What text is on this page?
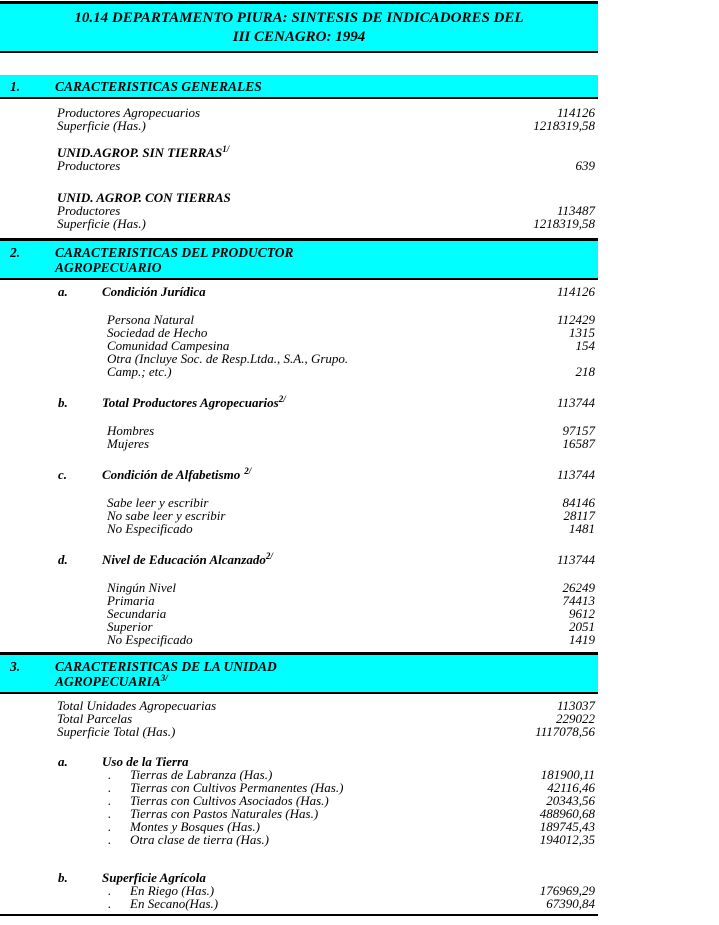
10.14 DEPARTAMENTO PIURA: SINTESIS DE INDICADORES DEL
III CENAGRO: 1994
1.	CARACTERISTICAS GENERALES
Productores Agropecuarios	114126
Superficie (Has.)	1218319,58
UNID.AGROP. SIN $TIERRAS^{1/}$
Productores	639
UNID. AGROP. CON TIERRAS
Productores	113487
Superficie (Has.)	1218319,58
2.	CARACTERISTICAS DEL PRODUCTOR
AGROPECUARIO
a.	Condición Jurídica	114126
Persona Natural	112429
Sociedad de Hecho	1315
Comunidad Campesina	154
Otra (Incluye Soc. de Resp.Ltda., S.A., Grupo.
Camp.; etc.)	218
b.	Total Productores Agropecuarios$^{2/}$	113744
Hombres	97157
Mujeres	16587
c.	Condición de Alfabetismo $^{2/}$	113744
Sabe leer y escribir	84146
No sabe leer y escribir	28117
No Especificado	1481
d.	Nivel de Educación Alcanzado$^{2/}$	113744
Ningún Nivel	26249
Primaria	74413
Secundaria	9612
Superior	2051
No Especificado	1419
3.	CARACTERISTICAS DE LA UNIDAD
$AGROPECUARIA^{3/}$
Total Unidades Agropecuarias	113037
Total Parcelas	229022
Superficie Total (Has.)	1117078,56
a.	Uso de la Tierra
. Tierras de Labranza (Has.)	181900,11
. Tierras con Cultivos Permanentes (Has.)	42116,46
. Tierras con Cultivos Asociados (Has.)	20343,56
. Tierras con Pastos Naturales (Has.)	488960,68
. Montes y Bosques (Has.)	189745,43
. Otra clase de tierra (Has.)	194012,35
b.	Superficie Agrícola
. En Riego (Has.)	176969,29
. En Secano(Has.)	67390,84
